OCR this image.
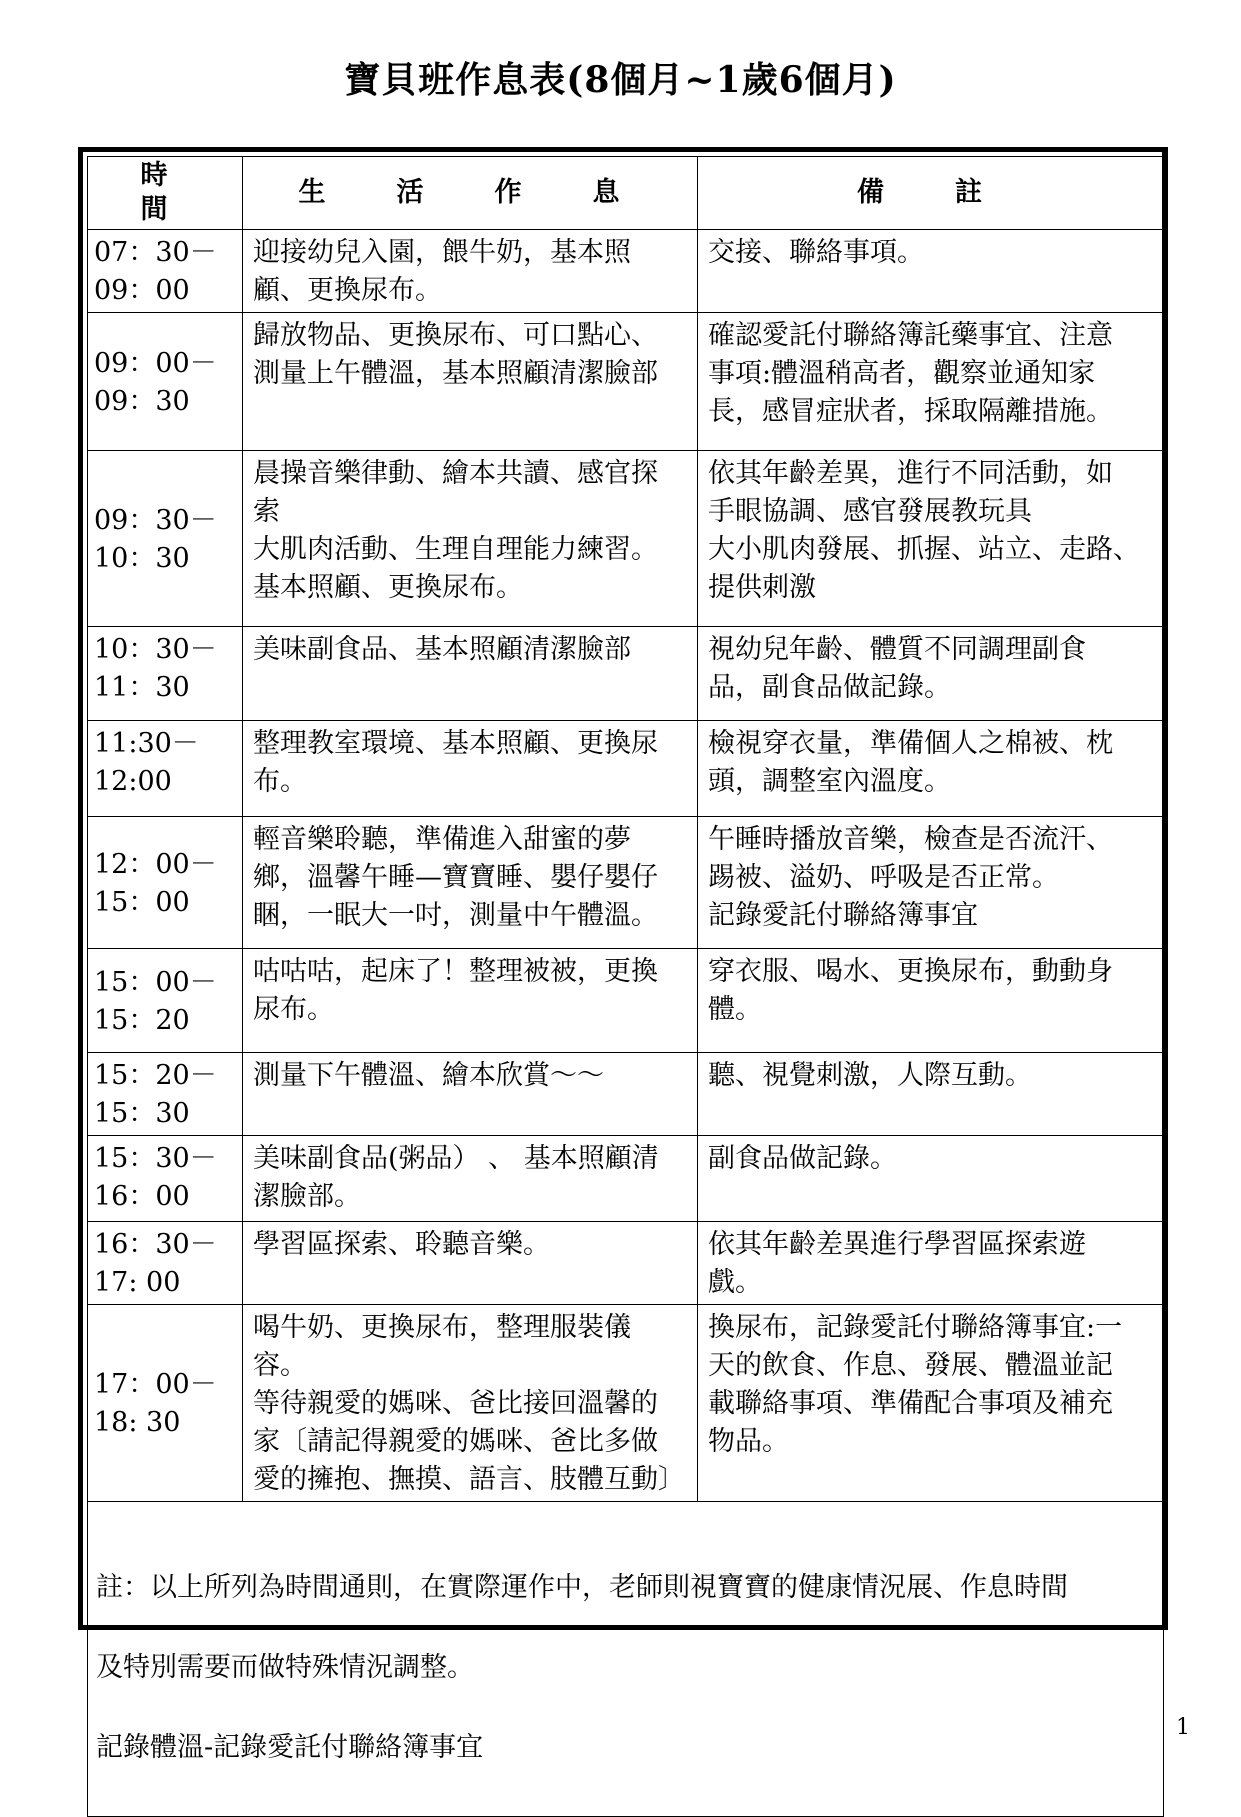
寶貝班作息表(8個月~1歲6個月)
時　間	生　活　作　息	備　註
07：30－
09：00	迎接幼兒入園，餵牛奶，基本照
顧、更換尿布。	交接、聯絡事項。
09：00－
09：30	歸放物品、更換尿布、可口點心、
測量上午體溫，基本照顧清潔臉部	確認愛託付聯絡簿託藥事宜、注意
事項:體溫稍高者，觀察並通知家
長，感冒症狀者，採取隔離措施。
09：30－
10：30	晨操音樂律動、繪本共讀、感官探
索
大肌肉活動、生理自理能力練習。
基本照顧、更換尿布。	依其年齡差異，進行不同活動，如
手眼協調、感官發展教玩具
大小肌肉發展、抓握、站立、走路、
提供刺激
10：30－
11：30	美味副食品、基本照顧清潔臉部	視幼兒年齡、體質不同調理副食
品，副食品做記錄。
11:30－
12:00	整理教室環境、基本照顧、更換尿
布。	檢視穿衣量，準備個人之棉被、枕
頭，調整室內溫度。
12：00－
15：00	輕音樂聆聽，準備進入甜蜜的夢
鄉，溫馨午睡—寶寶睡、嬰仔嬰仔
睏，一眠大一吋，測量中午體溫。	午睡時播放音樂，檢查是否流汗、
踢被、溢奶、呼吸是否正常。
記錄愛託付聯絡簿事宜
15：00－
15：20	咕咕咕，起床了！整理被被，更換
尿布。	穿衣服、喝水、更換尿布，動動身
體。
15：20－
15：30	測量下午體溫、繪本欣賞～～	聽、視覺刺激，人際互動。
15：30－
16：00	美味副食品(粥品） 、 基本照顧清
潔臉部。	副食品做記錄。
16：30－
17: 00	學習區探索、聆聽音樂。	依其年齡差異進行學習區探索遊
戲。
17：00－
18: 30	喝牛奶、更換尿布，整理服裝儀
容。
等待親愛的媽咪、爸比接回溫馨的
家〔請記得親愛的媽咪、爸比多做
愛的擁抱、撫摸、語言、肢體互動〕	換尿布，記錄愛託付聯絡簿事宜:一
天的飲食、作息、發展、體溫並記
載聯絡事項、準備配合事項及補充
物品。

註：以上所列為時間通則，在實際運作中，老師則視寶寶的健康情況展、作息時間

及特別需要而做特殊情況調整。

記錄體溫-記錄愛託付聯絡簿事宜		

1
